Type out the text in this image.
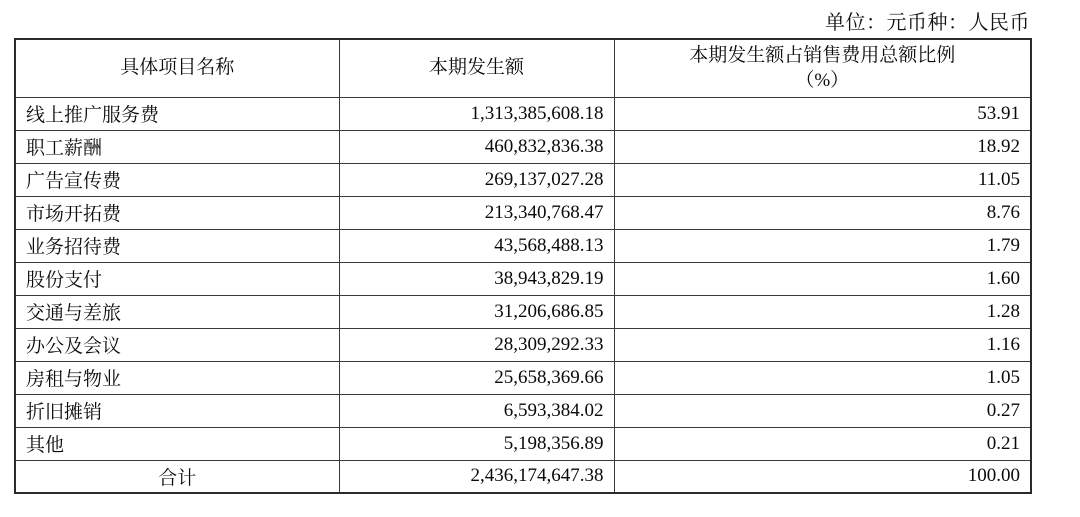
单位：元币种：人民币
具体项目名称	本期发生额	本期发生额占销售费用总额比例
（%）

线上推广服务费	1,313,385,608.18	53.91
职工薪酬	460,832,836.38	18.92
广告宣传费	269,137,027.28	11.05
市场开拓费	213,340,768.47	8.76
业务招待费	43,568,488.13	1.79
股份支付	38,943,829.19	1.60
交通与差旅	31,206,686.85	1.28
办公及会议	28,309,292.33	1.16
房租与物业	25,658,369.66	1.05
折旧摊销	6,593,384.02	0.27
其他	5,198,356.89	0.21
合计	2,436,174,647.38	100.00
